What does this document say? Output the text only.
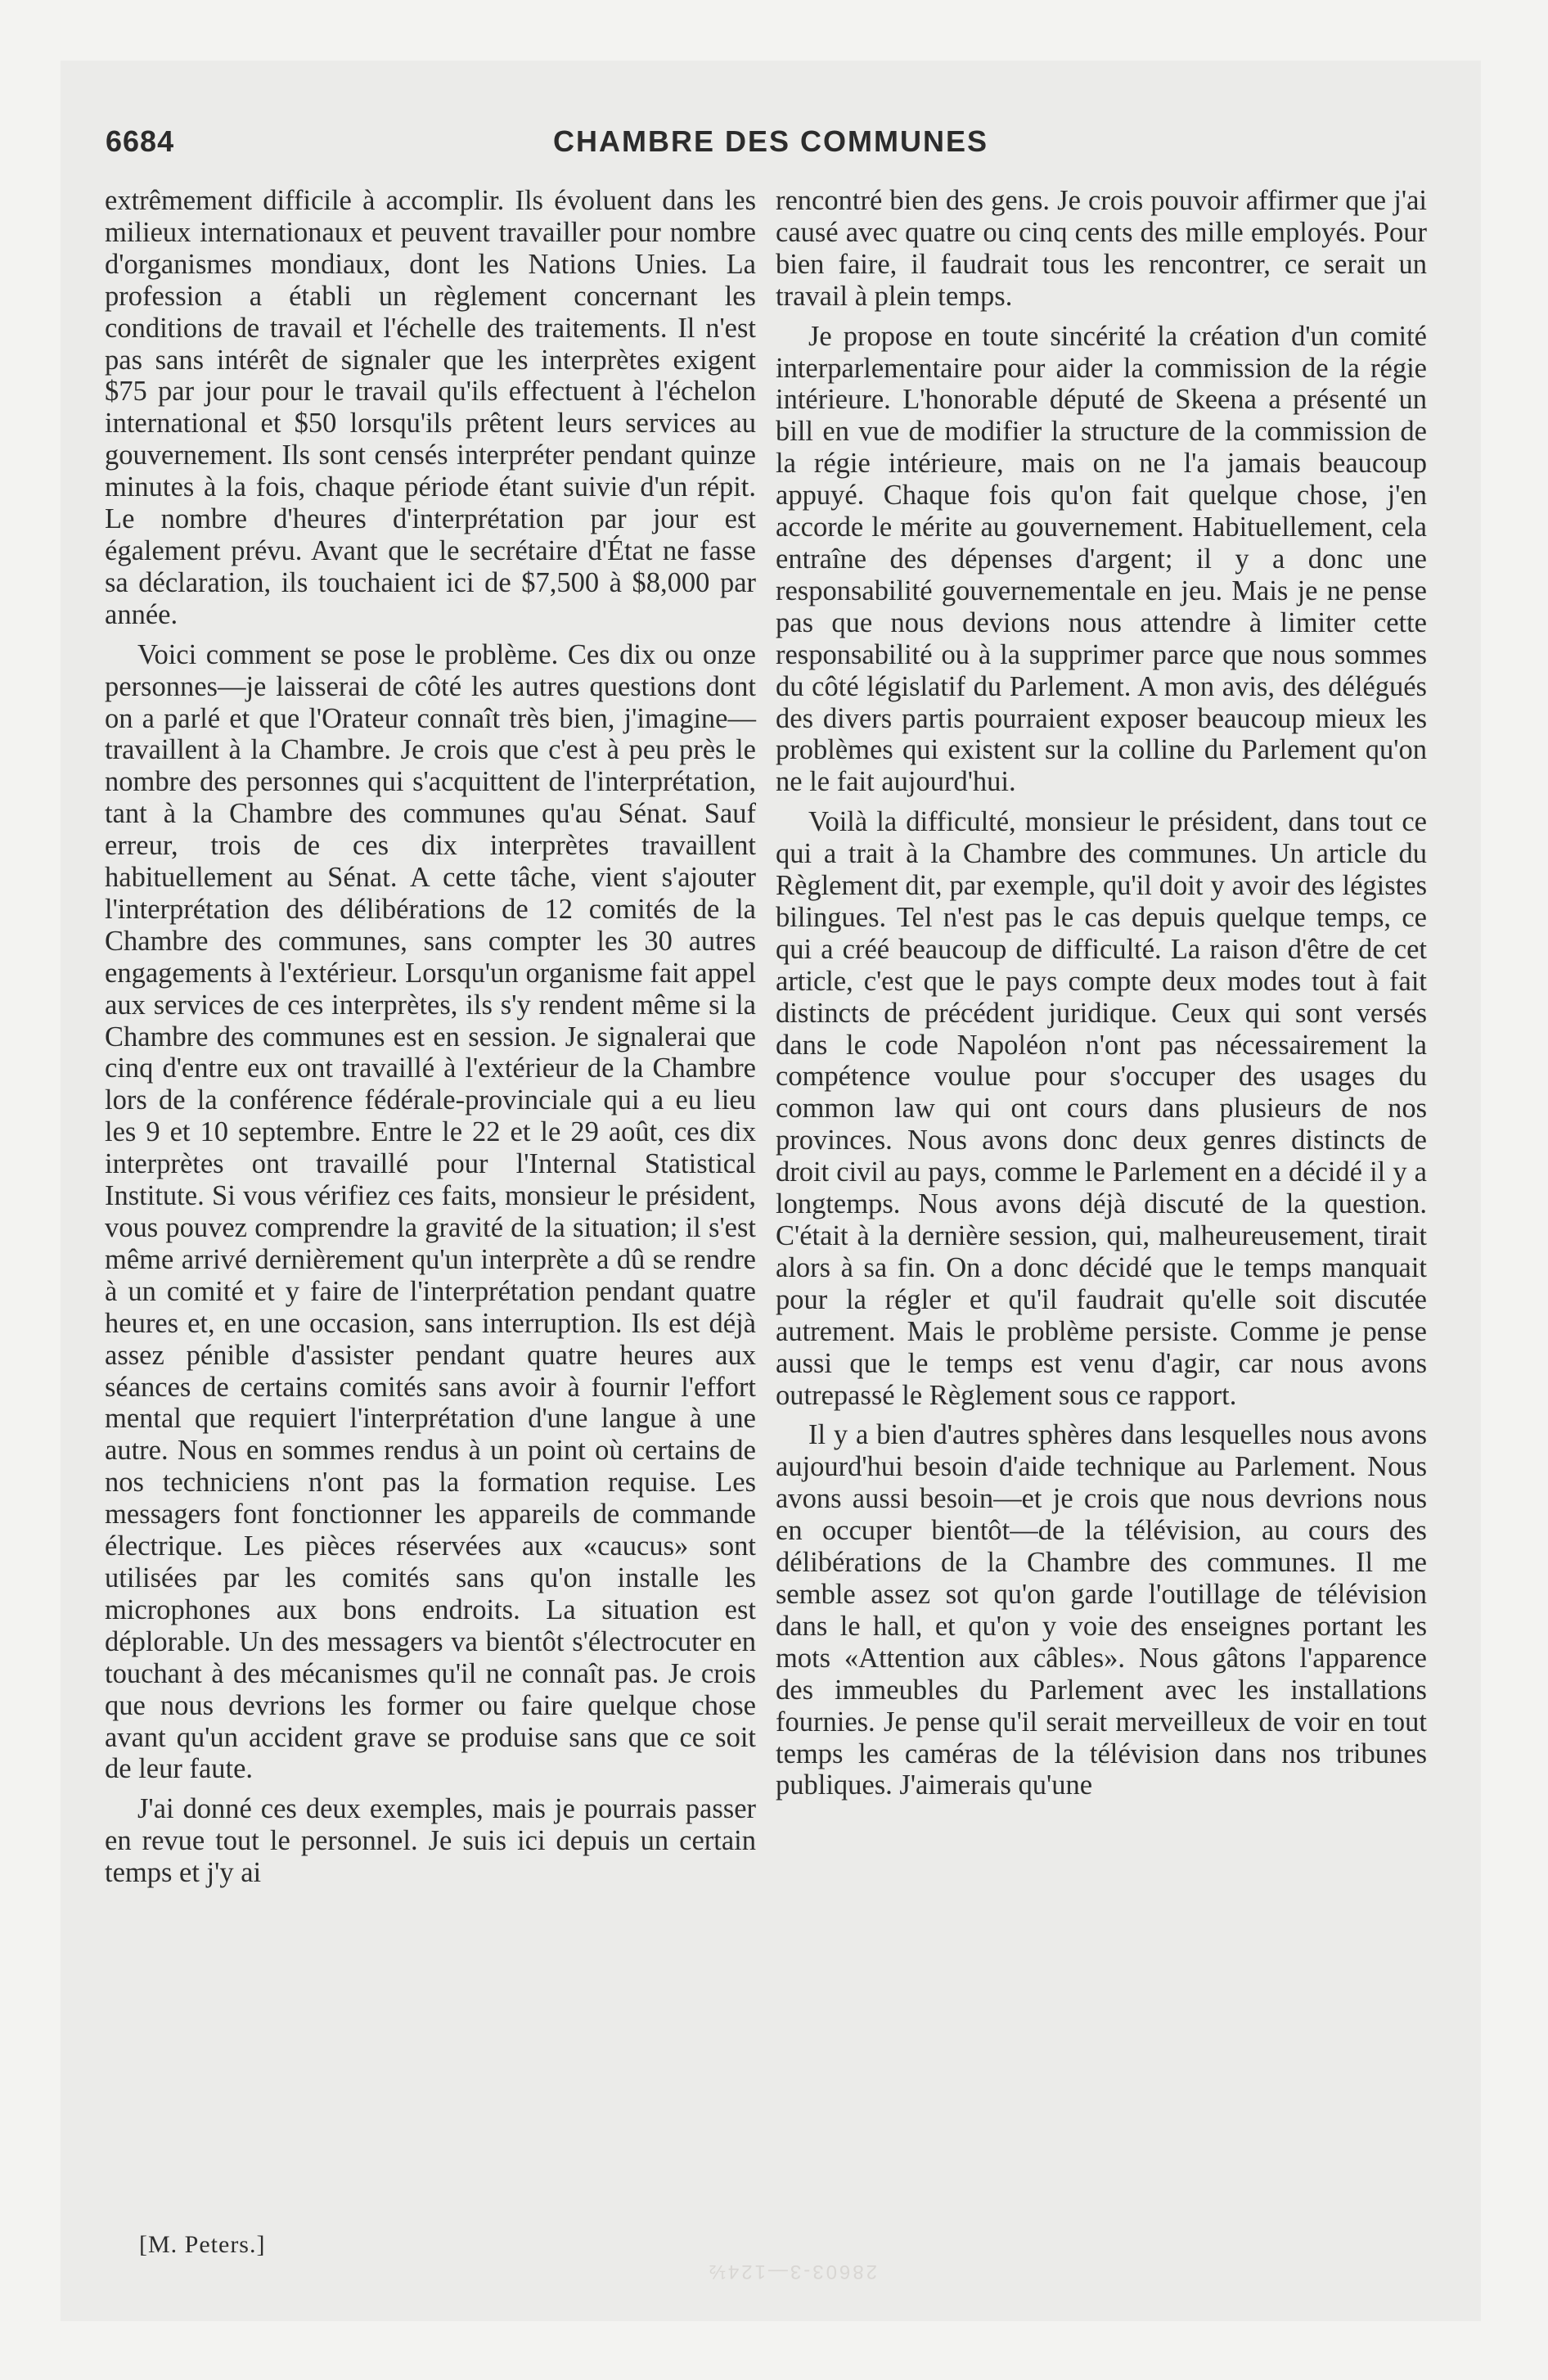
6684	CHAMBRE DES COMMUNES

extrêmement difficile à accomplir. Ils évoluent dans les milieux internationaux et peuvent travailler pour nombre d'organismes mondiaux, dont les Nations Unies. La profession a établi un règlement concernant les conditions de travail et l'échelle des traitements. Il n'est pas sans intérêt de signaler que les interprètes exigent $75 par jour pour le travail qu'ils effectuent à l'échelon international et $50 lorsqu'ils prêtent leurs services au gouvernement. Ils sont censés interpréter pendant quinze minutes à la fois, chaque période étant suivie d'un répit. Le nombre d'heures d'interprétation par jour est également prévu. Avant que le secrétaire d'État ne fasse sa déclaration, ils touchaient ici de $7,500 à $8,000 par année.

Voici comment se pose le problème. Ces dix ou onze personnes—je laisserai de côté les autres questions dont on a parlé et que l'Orateur connaît très bien, j'imagine—travaillent à la Chambre. Je crois que c'est à peu près le nombre des personnes qui s'acquittent de l'interprétation, tant à la Chambre des communes qu'au Sénat. Sauf erreur, trois de ces dix interprètes travaillent habituellement au Sénat. A cette tâche, vient s'ajouter l'interprétation des délibérations de 12 comités de la Chambre des communes, sans compter les 30 autres engagements à l'extérieur. Lorsqu'un organisme fait appel aux services de ces interprètes, ils s'y rendent même si la Chambre des communes est en session. Je signalerai que cinq d'entre eux ont travaillé à l'extérieur de la Chambre lors de la conférence fédérale-provinciale qui a eu lieu les 9 et 10 septembre. Entre le 22 et le 29 août, ces dix interprètes ont travaillé pour l'Internal Statistical Institute. Si vous vérifiez ces faits, monsieur le président, vous pouvez comprendre la gravité de la situation; il s'est même arrivé dernièrement qu'un interprète a dû se rendre à un comité et y faire de l'interprétation pendant quatre heures et, en une occasion, sans interruption. Ils est déjà assez pénible d'assister pendant quatre heures aux séances de certains comités sans avoir à fournir l'effort mental que requiert l'interprétation d'une langue à une autre. Nous en sommes rendus à un point où certains de nos techniciens n'ont pas la formation requise. Les messagers font fonctionner les appareils de commande électrique. Les pièces réservées aux «caucus» sont utilisées par les comités sans qu'on installe les microphones aux bons endroits. La situation est déplorable. Un des messagers va bientôt s'électrocuter en touchant à des mécanismes qu'il ne connaît pas. Je crois que nous devrions les former ou faire quelque chose avant qu'un accident grave se produise sans que ce soit de leur faute.

J'ai donné ces deux exemples, mais je pourrais passer en revue tout le personnel. Je suis ici depuis un certain temps et j'y ai

rencontré bien des gens. Je crois pouvoir affirmer que j'ai causé avec quatre ou cinq cents des mille employés. Pour bien faire, il faudrait tous les rencontrer, ce serait un travail à plein temps.

Je propose en toute sincérité la création d'un comité interparlementaire pour aider la commission de la régie intérieure. L'honorable député de Skeena a présenté un bill en vue de modifier la structure de la commission de la régie intérieure, mais on ne l'a jamais beaucoup appuyé. Chaque fois qu'on fait quelque chose, j'en accorde le mérite au gouvernement. Habituellement, cela entraîne des dépenses d'argent; il y a donc une responsabilité gouvernementale en jeu. Mais je ne pense pas que nous devions nous attendre à limiter cette responsabilité ou à la supprimer parce que nous sommes du côté législatif du Parlement. A mon avis, des délégués des divers partis pourraient exposer beaucoup mieux les problèmes qui existent sur la colline du Parlement qu'on ne le fait aujourd'hui.

Voilà la difficulté, monsieur le président, dans tout ce qui a trait à la Chambre des communes. Un article du Règlement dit, par exemple, qu'il doit y avoir des légistes bilingues. Tel n'est pas le cas depuis quelque temps, ce qui a créé beaucoup de difficulté. La raison d'être de cet article, c'est que le pays compte deux modes tout à fait distincts de précédent juridique. Ceux qui sont versés dans le code Napoléon n'ont pas nécessairement la compétence voulue pour s'occuper des usages du common law qui ont cours dans plusieurs de nos provinces. Nous avons donc deux genres distincts de droit civil au pays, comme le Parlement en a décidé il y a longtemps. Nous avons déjà discuté de la question. C'était à la dernière session, qui, malheureusement, tirait alors à sa fin. On a donc décidé que le temps manquait pour la régler et qu'il faudrait qu'elle soit discutée autrement. Mais le problème persiste. Comme je pense aussi que le temps est venu d'agir, car nous avons outrepassé le Règlement sous ce rapport.

Il y a bien d'autres sphères dans lesquelles nous avons aujourd'hui besoin d'aide technique au Parlement. Nous avons aussi besoin—et je crois que nous devrions nous en occuper bientôt—de la télévision, au cours des délibérations de la Chambre des communes. Il me semble assez sot qu'on garde l'outillage de télévision dans le hall, et qu'on y voie des enseignes portant les mots «Attention aux câbles». Nous gâtons l'apparence des immeubles du Parlement avec les installations fournies. Je pense qu'il serait merveilleux de voir en tout temps les caméras de la télévision dans nos tribunes publiques. J'aimerais qu'une

[M. Peters.]
28603-3—124½
